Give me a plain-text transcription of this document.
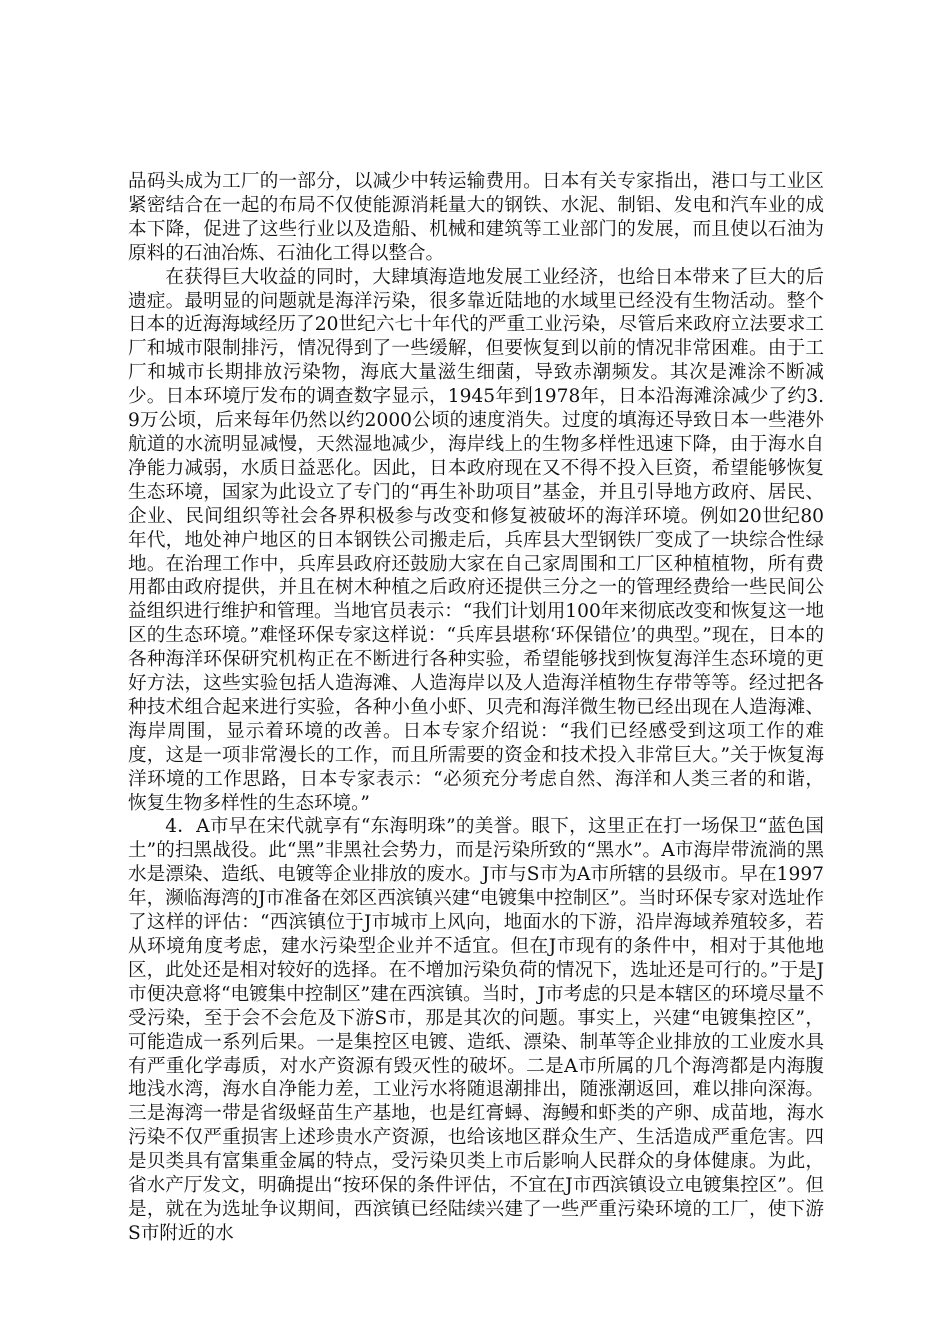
品码头成为工厂的一部分，以减少中转运输费用。日本有关专家指出，港口与工业区紧密结合在一起的布局不仅使能源消耗量大的钢铁、水泥、制铝、发电和汽车业的成本下降，促进了这些行业以及造船、机械和建筑等工业部门的发展，而且使以石油为原料的石油冶炼、石油化工得以整合。

在获得巨大收益的同时，大肆填海造地发展工业经济，也给日本带来了巨大的后遗症。最明显的问题就是海洋污染，很多靠近陆地的水域里已经没有生物活动。整个日本的近海海域经历了20世纪六七十年代的严重工业污染，尽管后来政府立法要求工厂和城市限制排污，情况得到了一些缓解，但要恢复到以前的情况非常困难。由于工厂和城市长期排放污染物，海底大量滋生细菌，导致赤潮频发。其次是滩涂不断减少。日本环境厅发布的调查数字显示，1945年到1978年，日本沿海滩涂减少了约3.9万公顷，后来每年仍然以约2000公顷的速度消失。过度的填海还导致日本一些港外航道的水流明显减慢，天然湿地减少，海岸线上的生物多样性迅速下降，由于海水自净能力减弱，水质日益恶化。因此，日本政府现在又不得不投入巨资，希望能够恢复生态环境，国家为此设立了专门的“再生补助项目”基金，并且引导地方政府、居民、企业、民间组织等社会各界积极参与改变和修复被破坏的海洋环境。例如20世纪80年代，地处神户地区的日本钢铁公司搬走后，兵库县大型钢铁厂变成了一块综合性绿地。在治理工作中，兵库县政府还鼓励大家在自己家周围和工厂区种植植物，所有费用都由政府提供，并且在树木种植之后政府还提供三分之一的管理经费给一些民间公益组织进行维护和管理。当地官员表示：“我们计划用100年来彻底改变和恢复这一地区的生态环境。”难怪环保专家这样说：“兵库县堪称‘环保错位’的典型。”现在，日本的各种海洋环保研究机构正在不断进行各种实验，希望能够找到恢复海洋生态环境的更好方法，这些实验包括人造海滩、人造海岸以及人造海洋植物生存带等等。经过把各种技术组合起来进行实验，各种小鱼小虾、贝壳和海洋微生物已经出现在人造海滩、海岸周围，显示着环境的改善。日本专家介绍说：“我们已经感受到这项工作的难度，这是一项非常漫长的工作，而且所需要的资金和技术投入非常巨大。”关于恢复海洋环境的工作思路，日本专家表示：“必须充分考虑自然、海洋和人类三者的和谐，恢复生物多样性的生态环境。”

4．A市早在宋代就享有“东海明珠”的美誉。眼下，这里正在打一场保卫“蓝色国土”的扫黑战役。此“黑”非黑社会势力，而是污染所致的“黑水”。A市海岸带流淌的黑水是漂染、造纸、电镀等企业排放的废水。J市与S市为A市所辖的县级市。早在1997年，濒临海湾的J市准备在郊区西滨镇兴建“电镀集中控制区”。当时环保专家对选址作了这样的评估：“西滨镇位于J市城市上风向，地面水的下游，沿岸海域养殖较多，若从环境角度考虑，建水污染型企业并不适宜。但在J市现有的条件中，相对于其他地区，此处还是相对较好的选择。在不增加污染负荷的情况下，选址还是可行的。”于是J市便决意将“电镀集中控制区”建在西滨镇。当时，J市考虑的只是本辖区的环境尽量不受污染，至于会不会危及下游S市，那是其次的问题。事实上，兴建“电镀集控区”，可能造成一系列后果。一是集控区电镀、造纸、漂染、制革等企业排放的工业废水具有严重化学毒质，对水产资源有毁灭性的破坏。二是A市所属的几个海湾都是内海腹地浅水湾，海水自净能力差，工业污水将随退潮排出，随涨潮返回，难以排向深海。三是海湾一带是省级蛏苗生产基地，也是红膏蟳、海鳗和虾类的产卵、成苗地，海水污染不仅严重损害上述珍贵水产资源，也给该地区群众生产、生活造成严重危害。四是贝类具有富集重金属的特点，受污染贝类上市后影响人民群众的身体健康。为此，省水产厅发文，明确提出“按环保的条件评估，不宜在J市西滨镇设立电镀集控区”。但是，就在为选址争议期间，西滨镇已经陆续兴建了一些严重污染环境的工厂，使下游S市附近的水
